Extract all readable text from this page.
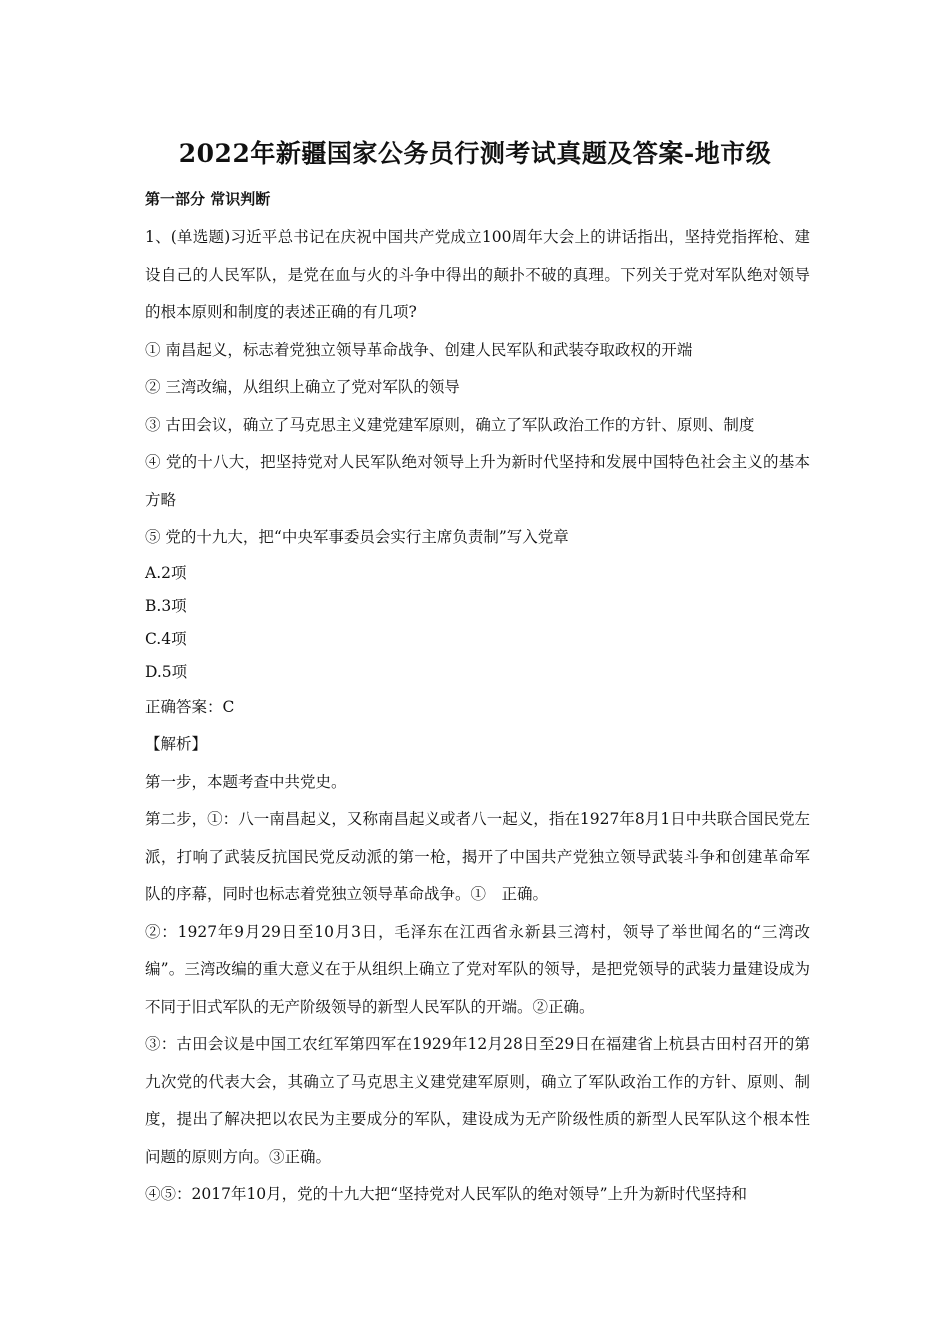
2022年新疆国家公务员行测考试真题及答案-地市级
第一部分 常识判断
1、(单选题)习近平总书记在庆祝中国共产党成立100周年大会上的讲话指出，坚持党指挥枪、建设自己的人民军队，是党在血与火的斗争中得出的颠扑不破的真理。下列关于党对军队绝对领导的根本原则和制度的表述正确的有几项?
① 南昌起义，标志着党独立领导革命战争、创建人民军队和武装夺取政权的开端
② 三湾改编，从组织上确立了党对军队的领导
③ 古田会议，确立了马克思主义建党建军原则，确立了军队政治工作的方针、原则、制度
④ 党的十八大，把坚持党对人民军队绝对领导上升为新时代坚持和发展中国特色社会主义的基本方略
⑤ 党的十九大，把“中央军事委员会实行主席负责制”写入党章
A.2项
B.3项
C.4项
D.5项
正确答案：C
【解析】
第一步，本题考查中共党史。
第二步，①：八一南昌起义，又称南昌起义或者八一起义，指在1927年8月1日中共联合国民党左派，打响了武装反抗国民党反动派的第一枪，揭开了中国共产党独立领导武装斗争和创建革命军队的序幕，同时也标志着党独立领导革命战争。①　正确。
②：1927年9月29日至10月3日，毛泽东在江西省永新县三湾村，领导了举世闻名的“三湾改编”。三湾改编的重大意义在于从组织上确立了党对军队的领导，是把党领导的武装力量建设成为不同于旧式军队的无产阶级领导的新型人民军队的开端。②正确。
③：古田会议是中国工农红军第四军在1929年12月28日至29日在福建省上杭县古田村召开的第九次党的代表大会，其确立了马克思主义建党建军原则，确立了军队政治工作的方针、原则、制度，提出了解决把以农民为主要成分的军队，建设成为无产阶级性质的新型人民军队这个根本性问题的原则方向。③正确。
④⑤：2017年10月，党的十九大把“坚持党对人民军队的绝对领导”上升为新时代坚持和
